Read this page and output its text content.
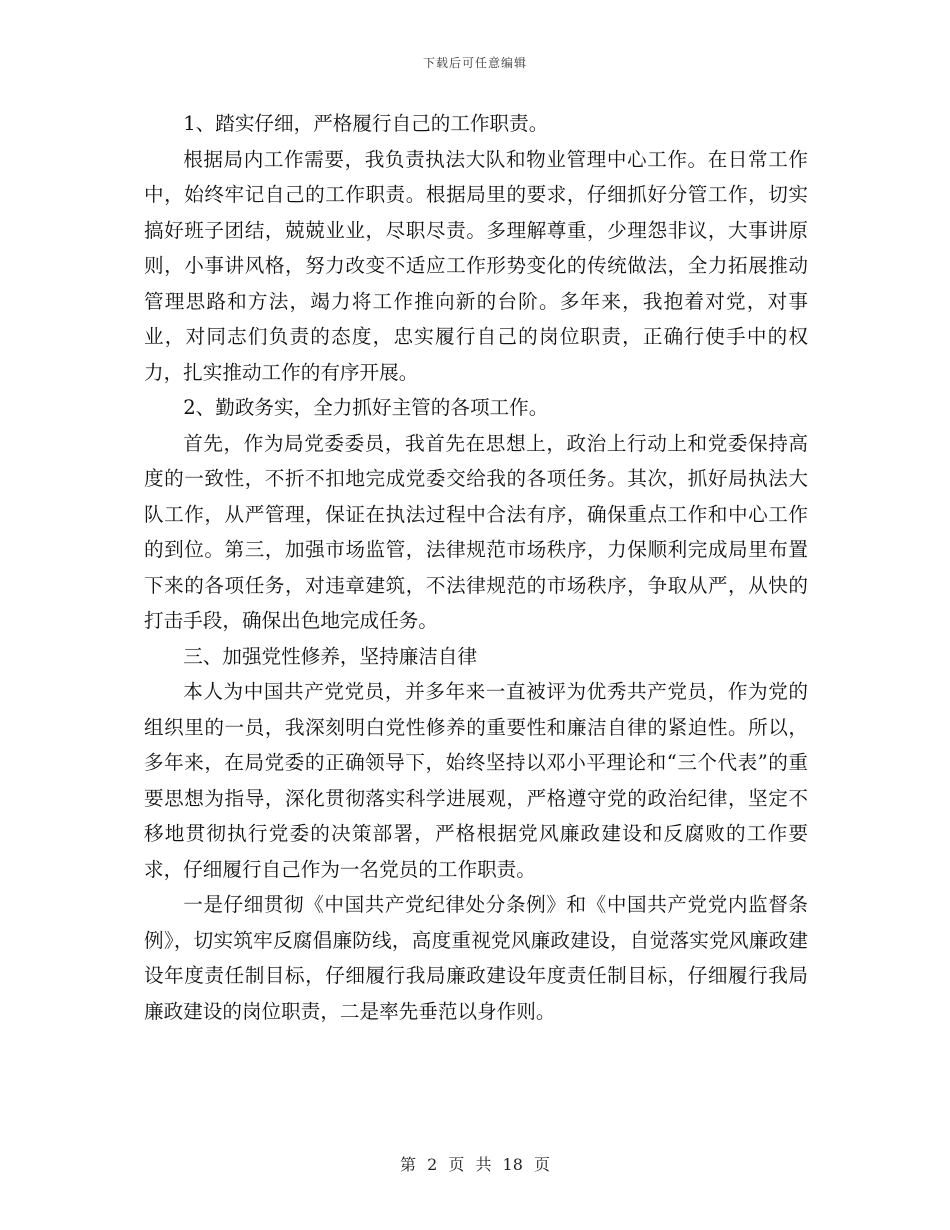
下载后可任意编辑

1、踏实仔细，严格履行自己的工作职责。

根据局内工作需要，我负责执法大队和物业管理中心工作。在日常工作中，始终牢记自己的工作职责。根据局里的要求，仔细抓好分管工作，切实搞好班子团结，兢兢业业，尽职尽责。多理解尊重，少理怨非议，大事讲原则，小事讲风格，努力改变不适应工作形势变化的传统做法，全力拓展推动管理思路和方法，竭力将工作推向新的台阶。多年来，我抱着对党，对事业，对同志们负责的态度，忠实履行自己的岗位职责，正确行使手中的权力，扎实推动工作的有序开展。

2、勤政务实，全力抓好主管的各项工作。

首先，作为局党委委员，我首先在思想上，政治上行动上和党委保持高度的一致性，不折不扣地完成党委交给我的各项任务。其次，抓好局执法大队工作，从严管理，保证在执法过程中合法有序，确保重点工作和中心工作的到位。第三，加强市场监管，法律规范市场秩序，力保顺利完成局里布置下来的各项任务，对违章建筑，不法律规范的市场秩序，争取从严，从快的打击手段，确保出色地完成任务。

三、加强党性修养，坚持廉洁自律

本人为中国共产党党员，并多年来一直被评为优秀共产党员，作为党的组织里的一员，我深刻明白党性修养的重要性和廉洁自律的紧迫性。所以，多年来，在局党委的正确领导下，始终坚持以邓小平理论和“三个代表”的重要思想为指导，深化贯彻落实科学进展观，严格遵守党的政治纪律，坚定不移地贯彻执行党委的决策部署，严格根据党风廉政建设和反腐败的工作要求，仔细履行自己作为一名党员的工作职责。

一是仔细贯彻《中国共产党纪律处分条例》和《中国共产党党内监督条例》，切实筑牢反腐倡廉防线，高度重视党风廉政建设，自觉落实党风廉政建设年度责任制目标，仔细履行我局廉政建设年度责任制目标，仔细履行我局廉政建设的岗位职责，二是率先垂范以身作则。

第 2 页 共 18 页
